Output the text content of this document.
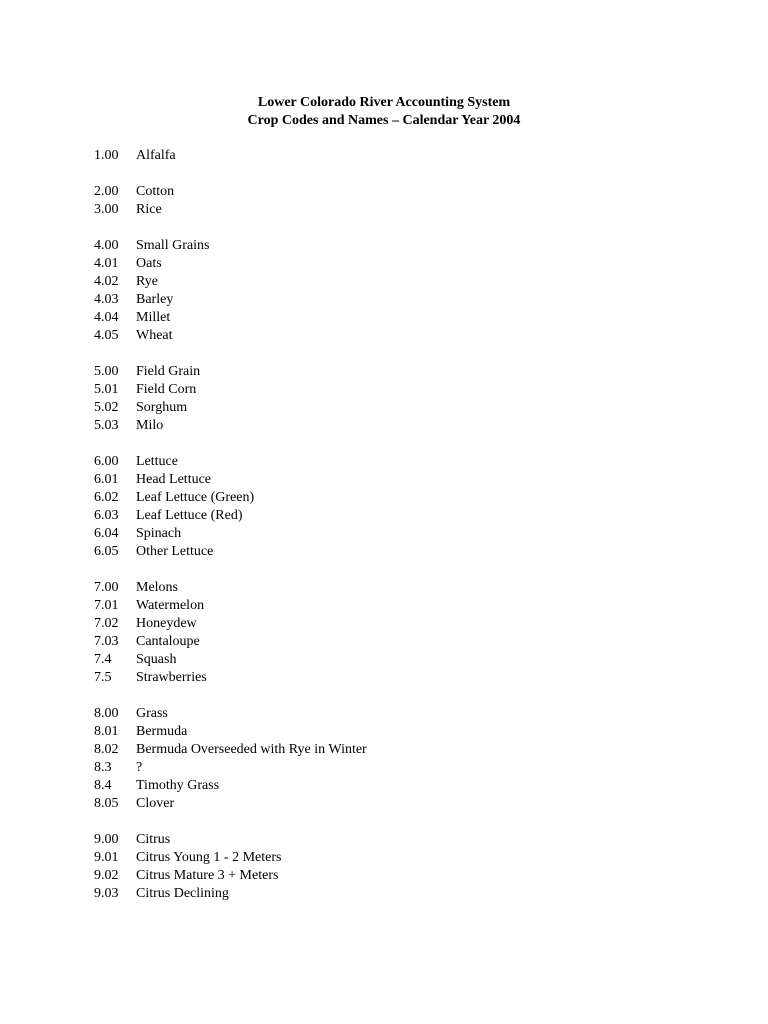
Lower Colorado River Accounting System
Crop Codes and Names – Calendar Year 2004
1.00	Alfalfa
2.00	Cotton
3.00	Rice
4.00	Small Grains
4.01	Oats
4.02	Rye
4.03	Barley
4.04	Millet
4.05	Wheat
5.00	Field Grain
5.01	Field Corn
5.02	Sorghum
5.03	Milo
6.00	Lettuce
6.01	Head Lettuce
6.02	Leaf Lettuce (Green)
6.03	Leaf Lettuce (Red)
6.04	Spinach
6.05	Other Lettuce
7.00	Melons
7.01	Watermelon
7.02	Honeydew
7.03	Cantaloupe
7.4	Squash
7.5	Strawberries
8.00	Grass
8.01	Bermuda
8.02	Bermuda Overseeded with Rye in Winter
8.3	?
8.4	Timothy Grass
8.05	Clover
9.00	Citrus
9.01	Citrus Young 1 - 2 Meters
9.02	Citrus Mature 3 + Meters
9.03	Citrus Declining
